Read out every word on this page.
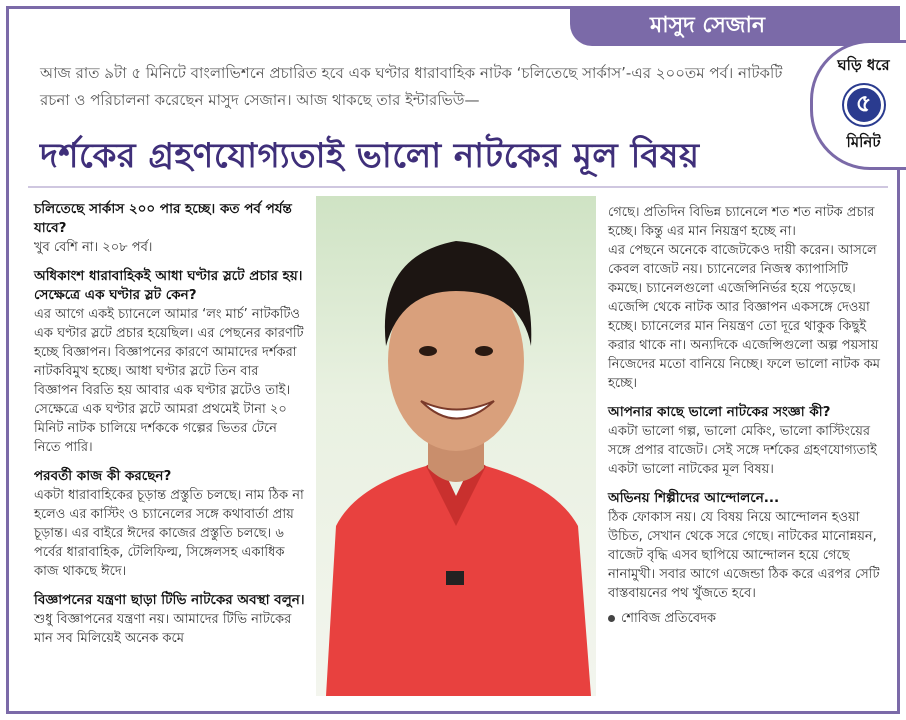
মাসুদ সেজান
ঘড়ি ধরে
৫
মিনিট
আজ রাত ৯টা ৫ মিনিটে বাংলাভিশনে প্রচারিত হবে এক ঘণ্টার ধারাবাহিক নাটক ‘চলিতেছে সার্কাস’-এর ২০০তম পর্ব। নাটকটি রচনা ও পরিচালনা করেছেন মাসুদ সেজান। আজ থাকছে তার ইন্টারভিউ—
দর্শকের গ্রহণযোগ্যতাই ভালো নাটকের মূল বিষয়
চলিতেছে সার্কাস ২০০ পার হচ্ছে। কত পর্ব পর্যন্ত যাবে?
খুব বেশি না। ২০৮ পর্ব।
অধিকাংশ ধারাবাহিকই আধা ঘণ্টার স্লটে প্রচার হয়। সেক্ষেত্রে এক ঘণ্টার স্লট কেন?
এর আগে একই চ্যানেলে আমার ‘লং মার্চ’ নাটকটিও এক ঘণ্টার স্লটে প্রচার হয়েছিল। এর পেছনের কারণটি হচ্ছে বিজ্ঞাপন। বিজ্ঞাপনের কারণে আমাদের দর্শকরা নাটকবিমুখ হচ্ছে। আধা ঘণ্টার স্লটে তিন বার বিজ্ঞাপন বিরতি হয় আবার এক ঘণ্টার স্লটেও তাই। সেক্ষেত্রে এক ঘণ্টার স্লটে আমরা প্রথমেই টানা ২০ মিনিট নাটক চালিয়ে দর্শককে গল্পের ভিতর টেনে নিতে পারি।
পরবর্তী কাজ কী করছেন?
একটা ধারাবাহিকের চূড়ান্ত প্রস্তুতি চলছে। নাম ঠিক না হলেও এর কাস্টিং ও চ্যানেলের সঙ্গে কথাবার্তা প্রায় চূড়ান্ত। এর বাইরে ঈদের কাজের প্রস্তুতি চলছে। ৬ পর্বের ধারাবাহিক, টেলিফিল্ম, সিঙ্গেলসহ একাধিক কাজ থাকছে ঈদে।
বিজ্ঞাপনের যন্ত্রণা ছাড়া টিভি নাটকের অবস্থা বলুন।
শুধু বিজ্ঞাপনের যন্ত্রণা নয়। আমাদের টিভি নাটকের মান সব মিলিয়েই অনেক কমে
গেছে। প্রতিদিন বিভিন্ন চ্যানেলে শত শত নাটক প্রচার হচ্ছে। কিন্তু এর মান নিয়ন্ত্রণ হচ্ছে না।
এর পেছনে অনেকে বাজেটকেও দায়ী করেন। আসলে কেবল বাজেট নয়। চ্যানেলের নিজস্ব ক্যাপাসিটি কমছে। চ্যানেলগুলো এজেন্সিনির্ভর হয়ে পড়েছে। এজেন্সি থেকে নাটক আর বিজ্ঞাপন একসঙ্গে দেওয়া হচ্ছে। চ্যানেলের মান নিয়ন্ত্রণ তো দূরে থাকুক কিছুই করার থাকে না। অন্যদিকে এজেন্সিগুলো অল্প পয়সায় নিজেদের মতো বানিয়ে নিচ্ছে। ফলে ভালো নাটক কম হচ্ছে।
আপনার কাছে ভালো নাটকের সংজ্ঞা কী?
একটা ভালো গল্প, ভালো মেকিং, ভালো কাস্টিংয়ের সঙ্গে প্রপার বাজেট। সেই সঙ্গে দর্শকের গ্রহণযোগ্যতাই একটা ভালো নাটকের মূল বিষয়।
অভিনয় শিল্পীদের আন্দোলনে...
ঠিক ফোকাস নয়। যে বিষয় নিয়ে আন্দোলন হওয়া উচিত, সেখান থেকে সরে গেছে। নাটকের মানোন্নয়ন, বাজেট বৃদ্ধি এসব ছাপিয়ে আন্দোলন হয়ে গেছে নানামুখী। সবার আগে এজেন্ডা ঠিক করে এরপর সেটি বাস্তবায়নের পথ খুঁজতে হবে।
শোবিজ প্রতিবেদক
